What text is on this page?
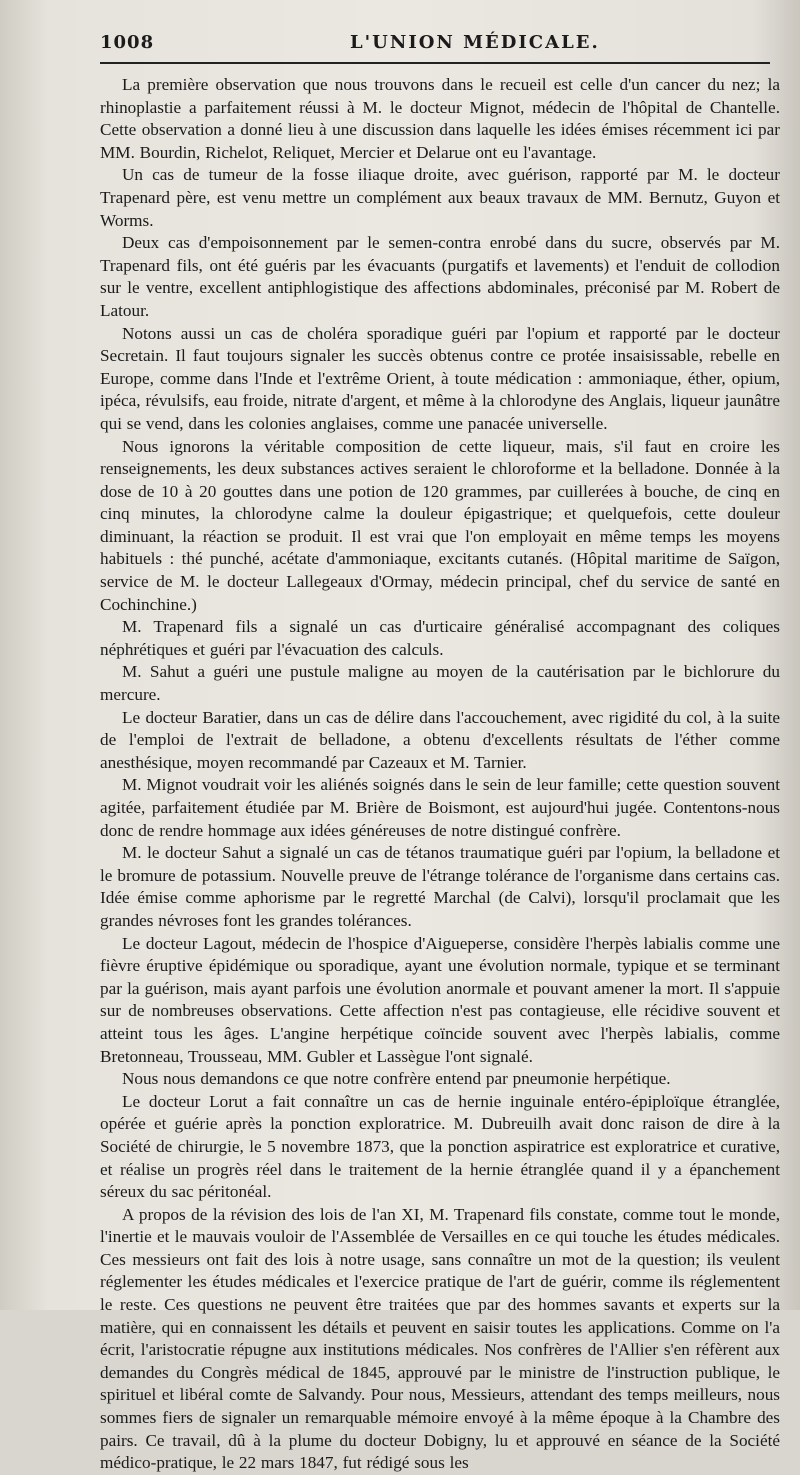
1008	L'UNION MÉDICALE.

La première observation que nous trouvons dans le recueil est celle d'un cancer du nez; la rhinoplastie a parfaitement réussi à M. le docteur Mignot, médecin de l'hôpital de Chantelle. Cette observation a donné lieu à une discussion dans laquelle les idées émises récemment ici par MM. Bourdin, Richelot, Reliquet, Mercier et Delarue ont eu l'avantage.

Un cas de tumeur de la fosse iliaque droite, avec guérison, rapporté par M. le docteur Trapenard père, est venu mettre un complément aux beaux travaux de MM. Bernutz, Guyon et Worms.

Deux cas d'empoisonnement par le semen-contra enrobé dans du sucre, observés par M. Trapenard fils, ont été guéris par les évacuants (purgatifs et lavements) et l'enduit de collodion sur le ventre, excellent antiphlogistique des affections abdominales, préconisé par M. Robert de Latour.

Notons aussi un cas de choléra sporadique guéri par l'opium et rapporté par le docteur Secretain. Il faut toujours signaler les succès obtenus contre ce protée insaisissable, rebelle en Europe, comme dans l'Inde et l'extrême Orient, à toute médication : ammoniaque, éther, opium, ipéca, révulsifs, eau froide, nitrate d'argent, et même à la chlorodyne des Anglais, liqueur jaunâtre qui se vend, dans les colonies anglaises, comme une panacée universelle.

Nous ignorons la véritable composition de cette liqueur, mais, s'il faut en croire les renseignements, les deux substances actives seraient le chloroforme et la belladone. Donnée à la dose de 10 à 20 gouttes dans une potion de 120 grammes, par cuillerées à bouche, de cinq en cinq minutes, la chlorodyne calme la douleur épigastrique; et quelquefois, cette douleur diminuant, la réaction se produit. Il est vrai que l'on employait en même temps les moyens habituels : thé punché, acétate d'ammoniaque, excitants cutanés. (Hôpital maritime de Saïgon, service de M. le docteur Lallegeaux d'Ormay, médecin principal, chef du service de santé en Cochinchine.)

M. Trapenard fils a signalé un cas d'urticaire généralisé accompagnant des coliques néphrétiques et guéri par l'évacuation des calculs.

M. Sahut a guéri une pustule maligne au moyen de la cautérisation par le bichlorure du mercure.

Le docteur Baratier, dans un cas de délire dans l'accouchement, avec rigidité du col, à la suite de l'emploi de l'extrait de belladone, a obtenu d'excellents résultats de l'éther comme anesthésique, moyen recommandé par Cazeaux et M. Tarnier.

M. Mignot voudrait voir les aliénés soignés dans le sein de leur famille; cette question souvent agitée, parfaitement étudiée par M. Brière de Boismont, est aujourd'hui jugée. Contentons-nous donc de rendre hommage aux idées généreuses de notre distingué confrère.

M. le docteur Sahut a signalé un cas de tétanos traumatique guéri par l'opium, la belladone et le bromure de potassium. Nouvelle preuve de l'étrange tolérance de l'organisme dans certains cas. Idée émise comme aphorisme par le regretté Marchal (de Calvi), lorsqu'il proclamait que les grandes névroses font les grandes tolérances.

Le docteur Lagout, médecin de l'hospice d'Aigueperse, considère l'herpès labialis comme une fièvre éruptive épidémique ou sporadique, ayant une évolution normale, typique et se terminant par la guérison, mais ayant parfois une évolution anormale et pouvant amener la mort. Il s'appuie sur de nombreuses observations. Cette affection n'est pas contagieuse, elle récidive souvent et atteint tous les âges. L'angine herpétique coïncide souvent avec l'herpès labialis, comme Bretonneau, Trousseau, MM. Gubler et Lassègue l'ont signalé.

Nous nous demandons ce que notre confrère entend par pneumonie herpétique.

Le docteur Lorut a fait connaître un cas de hernie inguinale entéro-épiploïque étranglée, opérée et guérie après la ponction exploratrice. M. Dubreuilh avait donc raison de dire à la Société de chirurgie, le 5 novembre 1873, que la ponction aspiratrice est exploratrice et curative, et réalise un progrès réel dans le traitement de la hernie étranglée quand il y a épanchement séreux du sac péritonéal.

A propos de la révision des lois de l'an XI, M. Trapenard fils constate, comme tout le monde, l'inertie et le mauvais vouloir de l'Assemblée de Versailles en ce qui touche les études médicales. Ces messieurs ont fait des lois à notre usage, sans connaître un mot de la question; ils veulent réglementer les études médicales et l'exercice pratique de l'art de guérir, comme ils réglementent le reste. Ces questions ne peuvent être traitées que par des hommes savants et experts sur la matière, qui en connaissent les détails et peuvent en saisir toutes les applications. Comme on l'a écrit, l'aristocratie répugne aux institutions médicales. Nos confrères de l'Allier s'en réfèrent aux demandes du Congrès médical de 1845, approuvé par le ministre de l'instruction publique, le spirituel et libéral comte de Salvandy. Pour nous, Messieurs, attendant des temps meilleurs, nous sommes fiers de signaler un remarquable mémoire envoyé à la même époque à la Chambre des pairs. Ce travail, dû à la plume du docteur Dobigny, lu et approuvé en séance de la Société médico-pratique, le 22 mars 1847, fut rédigé sous les
